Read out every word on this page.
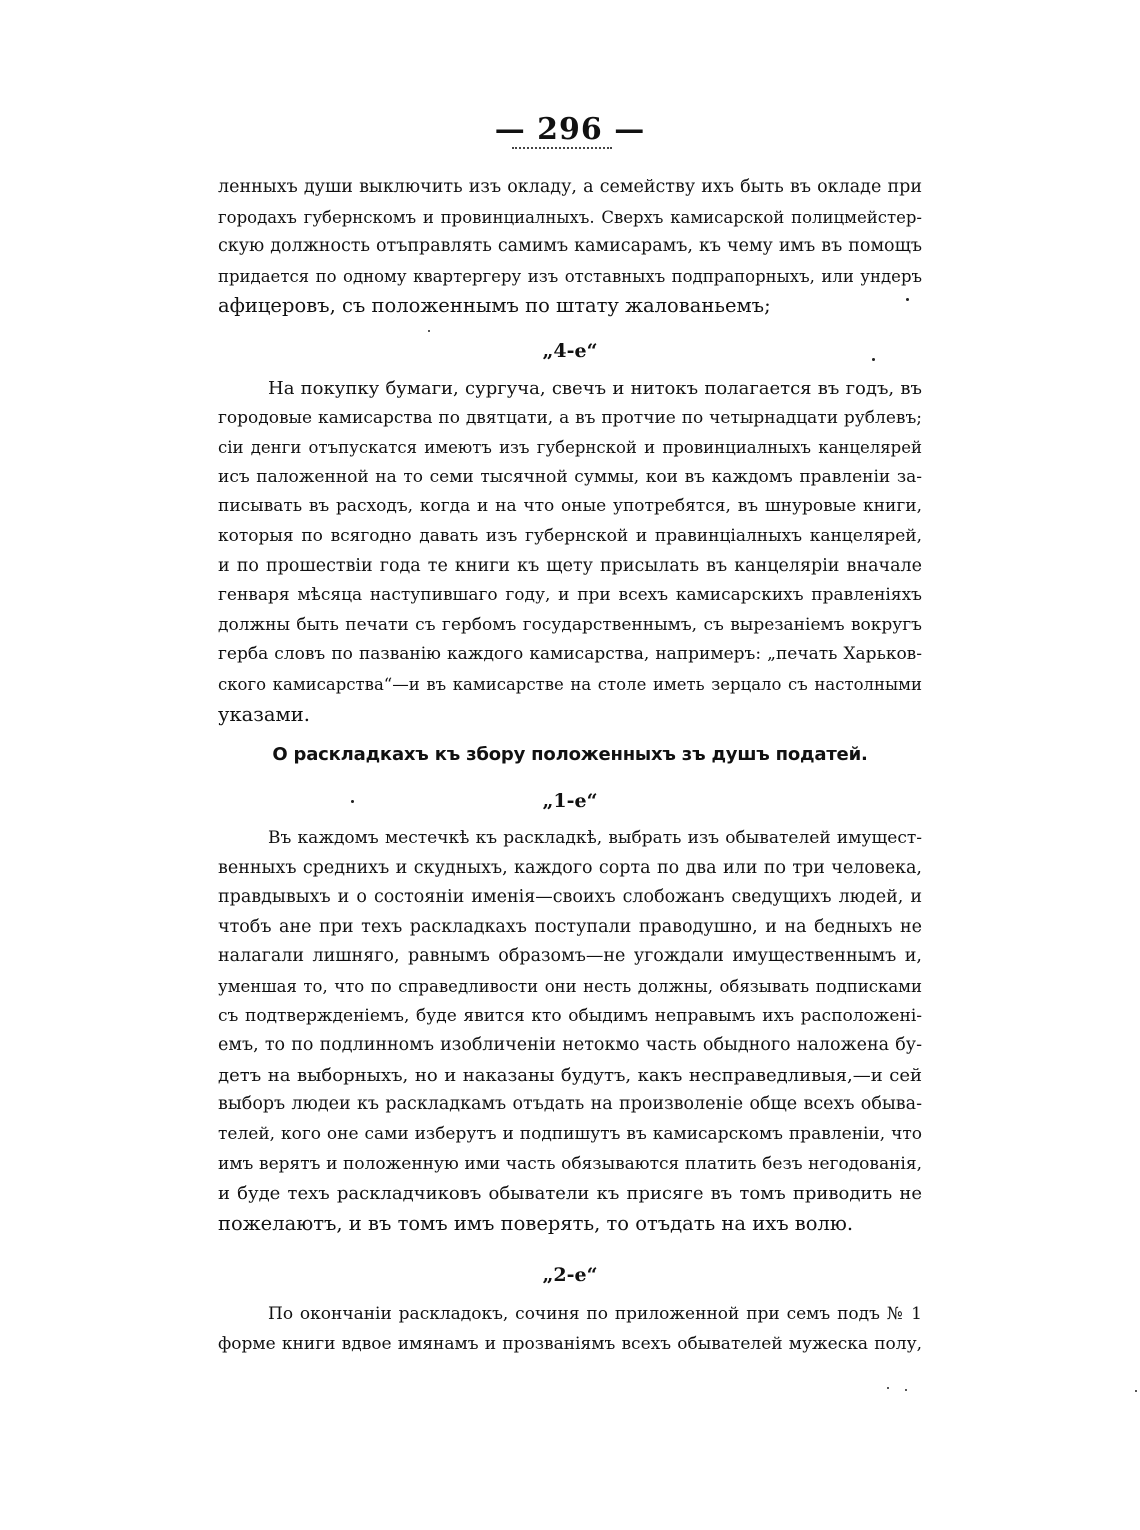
— 296 —
ленныхъ души выключить изъ окладу, а семейству ихъ быть въ окладе при
городахъ губернскомъ и провинциалныхъ. Сверхъ камисарской полицмейстер-
скую должность отъправлять самимъ камисарамъ, къ чему имъ въ помощъ
придается по одному квартергеру изъ отставныхъ подпрапорныхъ, или ундеръ
афицеровъ, съ положеннымъ по штату жалованьемъ;
„4-е“
На покупку бумаги, сургуча, свечъ и нитокъ полагается въ годъ, въ
городовые камисарства по двятцати, а въ протчие по четырнадцати рублевъ;
сіи денги отъпускатся имеютъ изъ губернской и провинциалныхъ канцелярей
исъ паложенной на то семи тысячной суммы, кои въ каждомъ правленіи за-
писывать въ расходъ, когда и на что оные употребятся, въ шнуровые книги,
которыя по всягодно давать изъ губернской и правинціалныхъ канцелярей,
и по прошествіи года те книги къ щету присылать въ канцеляріи вначале
генваря мѣсяца наступившаго году, и при всехъ камисарскихъ правленіяхъ
должны быть печати съ гербомъ государственнымъ, съ вырезаніемъ вокругъ
герба словъ по пазванію каждого камисарства, напримеръ: „печать Харьков-
ского камисарства“—и въ камисарстве на столе иметь зерцало съ настолными
указами.
О раскладкахъ къ збору положенныхъ зъ душъ податей.
„1-е“
Въ каждомъ местечкѣ къ раскладкѣ, выбрать изъ обывателей имущест-
венныхъ среднихъ и скудныхъ, каждого сорта по два или по три человека,
правдывыхъ и о состояніи именія—своихъ слобожанъ сведущихъ людей, и
чтобъ ане при техъ раскладкахъ поступали праводушно, и на бедныхъ не
налагали лишняго, равнымъ образомъ—не угождали имущественнымъ и,
уменшая то, что по справедливости они несть должны, обязывать подписками
съ подтвержденіемъ, буде явится кто обыдимъ неправымъ ихъ расположені-
емъ, то по подлинномъ изобличеніи нетокмо часть обыдного наложена бу-
детъ на выборныхъ, но и наказаны будутъ, какъ несправедливыя,—и сей
выборъ людеи къ раскладкамъ отъдать на произволеніе обще всехъ обыва-
телей, кого оне сами изберутъ и подпишутъ въ камисарскомъ правленіи, что
имъ верятъ и положенную ими часть обязываются платить безъ негодованія,
и буде техъ раскладчиковъ обыватели къ присяге въ томъ приводить не
пожелаютъ, и въ томъ имъ поверять, то отъдать на ихъ волю.
„2-е“
По окончаніи раскладокъ, сочиня по приложенной при семъ подъ № 1
форме книги вдвое имянамъ и прозваніямъ всехъ обывателей мужеска полу,
